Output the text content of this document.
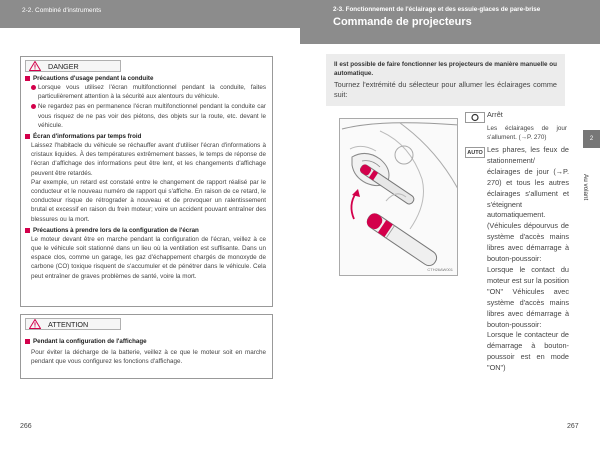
2-2. Combiné d'instruments	2-3. Fonctionnement de l'éclairage et des essuie-glaces de pare-brise
Commande de projecteurs
DANGER
Précautions d'usage pendant la conduite
Lorsque vous utilisez l'écran multifonctionnel pendant la conduite, faites particulièrement attention à la sécurité aux alentours du véhicule.
Ne regardez pas en permanence l'écran multifonctionnel pendant la conduite car vous risquez de ne pas voir des piétons, des objets sur la route, etc. devant le véhicule.
Écran d'informations par temps froid
Laissez l'habitacle du véhicule se réchauffer avant d'utiliser l'écran d'informations à cristaux liquides. À des températures extrêmement basses, le temps de réponse de l'écran d'affichage des informations peut être lent, et les changements d'affichage peuvent être retardés.
Par exemple, un retard est constaté entre le changement de rapport réalisé par le conducteur et le nouveau numéro de rapport qui s'affiche. En raison de ce retard, le conducteur risque de rétrograder à nouveau et de provoquer un ralentissement brutal et excessif en raison du frein moteur; voire un accident pouvant entraîner des blessures ou la mort.
Précautions à prendre lors de la configuration de l'écran
Le moteur devant être en marche pendant la configuration de l'écran, veillez à ce que le véhicule soit stationné dans un lieu où la ventilation est suffisante. Dans un espace clos, comme un garage, les gaz d'échappement chargés de monoxyde de carbone (CO) toxique risquent de s'accumuler et de pénétrer dans le véhicule. Cela peut entraîner de graves problèmes de santé, voire la mort.
ATTENTION
Pendant la configuration de l'affichage
Pour éviter la décharge de la batterie, veillez à ce que le moteur soit en marche pendant que vous configurez les fonctions d'affichage.
Il est possible de faire fonctionner les projecteurs de manière manuelle ou automatique.
Tournez l'extrémité du sélecteur pour allumer les éclairages comme suit:
CTH26AW001
Arrêt
Les éclairages de jour s'allument. (→P. 270)
AUTO Les phares, les feux de stationnement/ éclairages de jour (→P. 270) et tous les autres éclairages s'allument et s'éteignent automatiquement. (Véhicules dépourvus de système d'accès mains libres avec démarrage à bouton-poussoir: Lorsque le contact du moteur est sur la position "ON" Véhicules avec système d'accès mains libres avec démarrage à bouton-poussoir: Lorsque le contacteur de démarrage à bouton-poussoir est en mode "ON")
2
Au volant
266	267
